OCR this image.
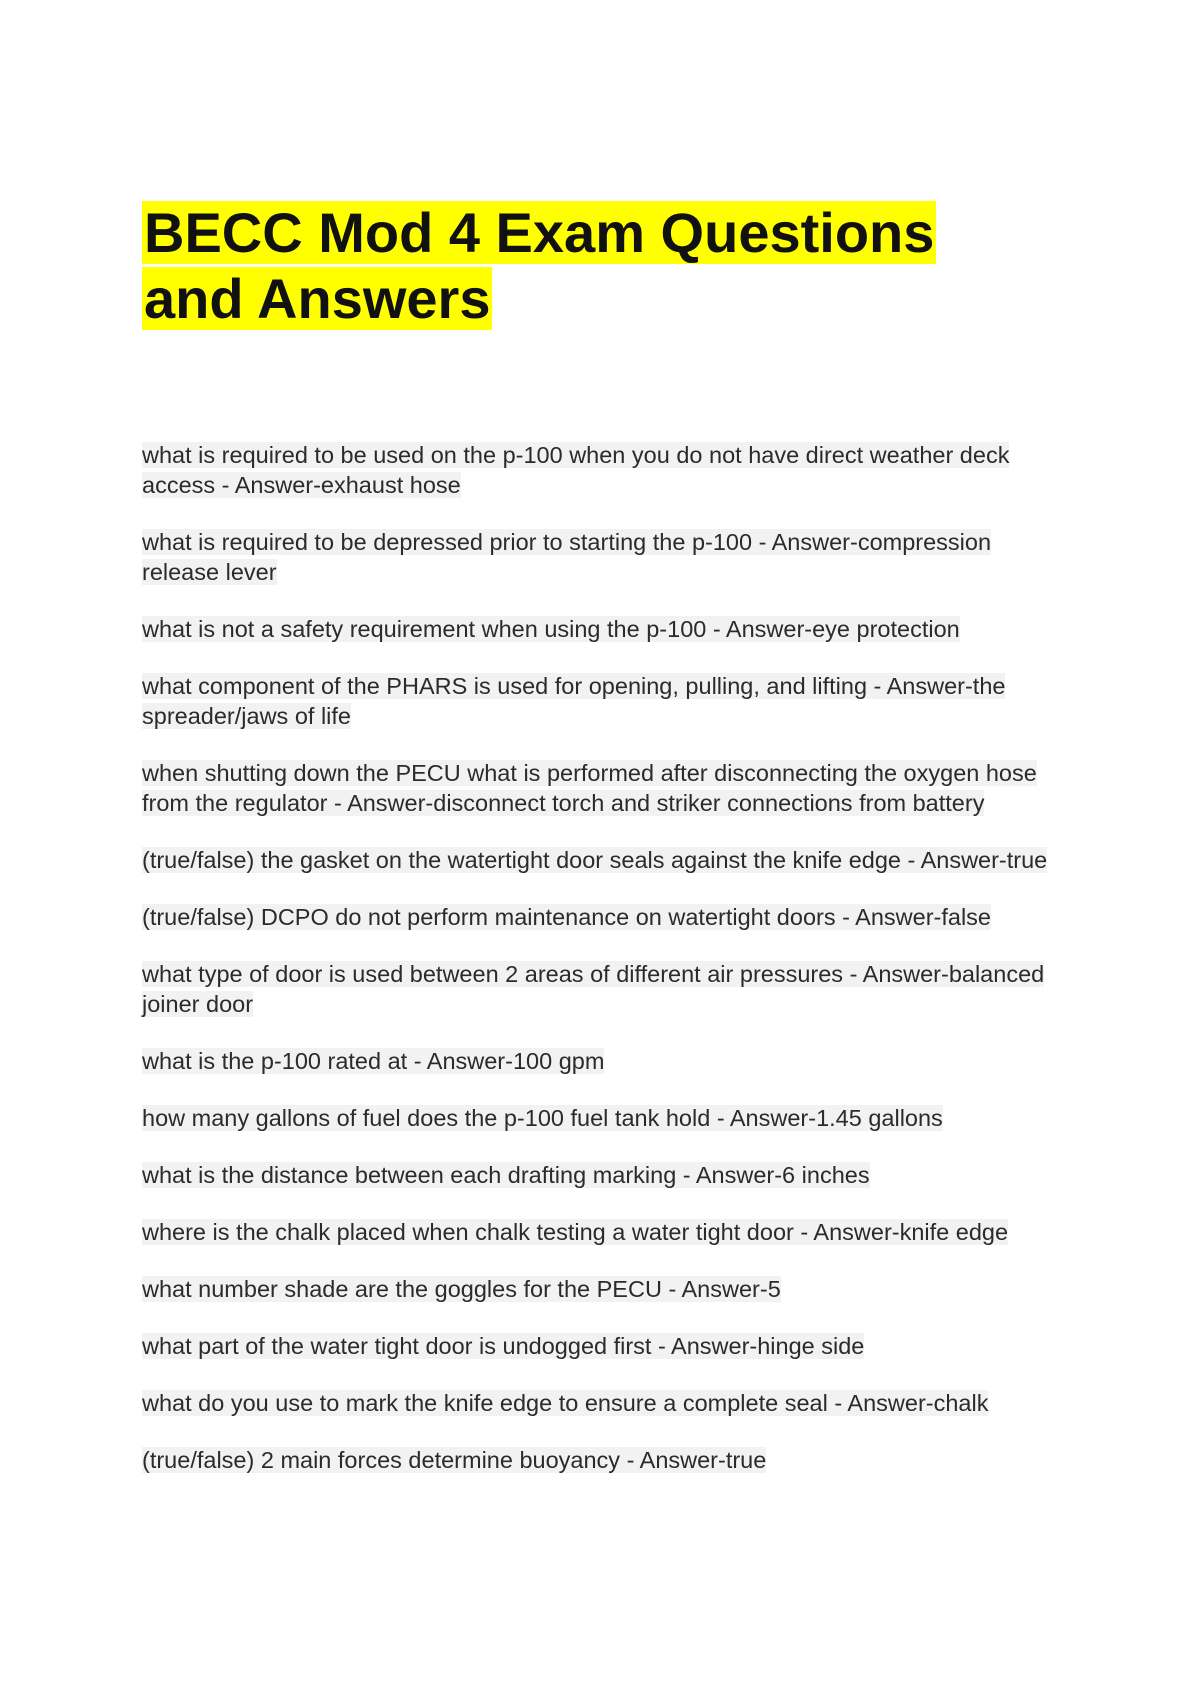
BECC Mod 4 Exam Questions and Answers
what is required to be used on the p-100 when you do not have direct weather deck access - Answer-exhaust hose
what is required to be depressed prior to starting the p-100 - Answer-compression release lever
what is not a safety requirement when using the p-100 - Answer-eye protection
what component of the PHARS is used for opening, pulling, and lifting - Answer-the spreader/jaws of life
when shutting down the PECU what is performed after disconnecting the oxygen hose from the regulator - Answer-disconnect torch and striker connections from battery
(true/false) the gasket on the watertight door seals against the knife edge - Answer-true
(true/false) DCPO do not perform maintenance on watertight doors - Answer-false
what type of door is used between 2 areas of different air pressures - Answer-balanced joiner door
what is the p-100 rated at - Answer-100 gpm
how many gallons of fuel does the p-100 fuel tank hold - Answer-1.45 gallons
what is the distance between each drafting marking - Answer-6 inches
where is the chalk placed when chalk testing a water tight door - Answer-knife edge
what number shade are the goggles for the PECU - Answer-5
what part of the water tight door is undogged first - Answer-hinge side
what do you use to mark the knife edge to ensure a complete seal - Answer-chalk
(true/false) 2 main forces determine buoyancy - Answer-true
